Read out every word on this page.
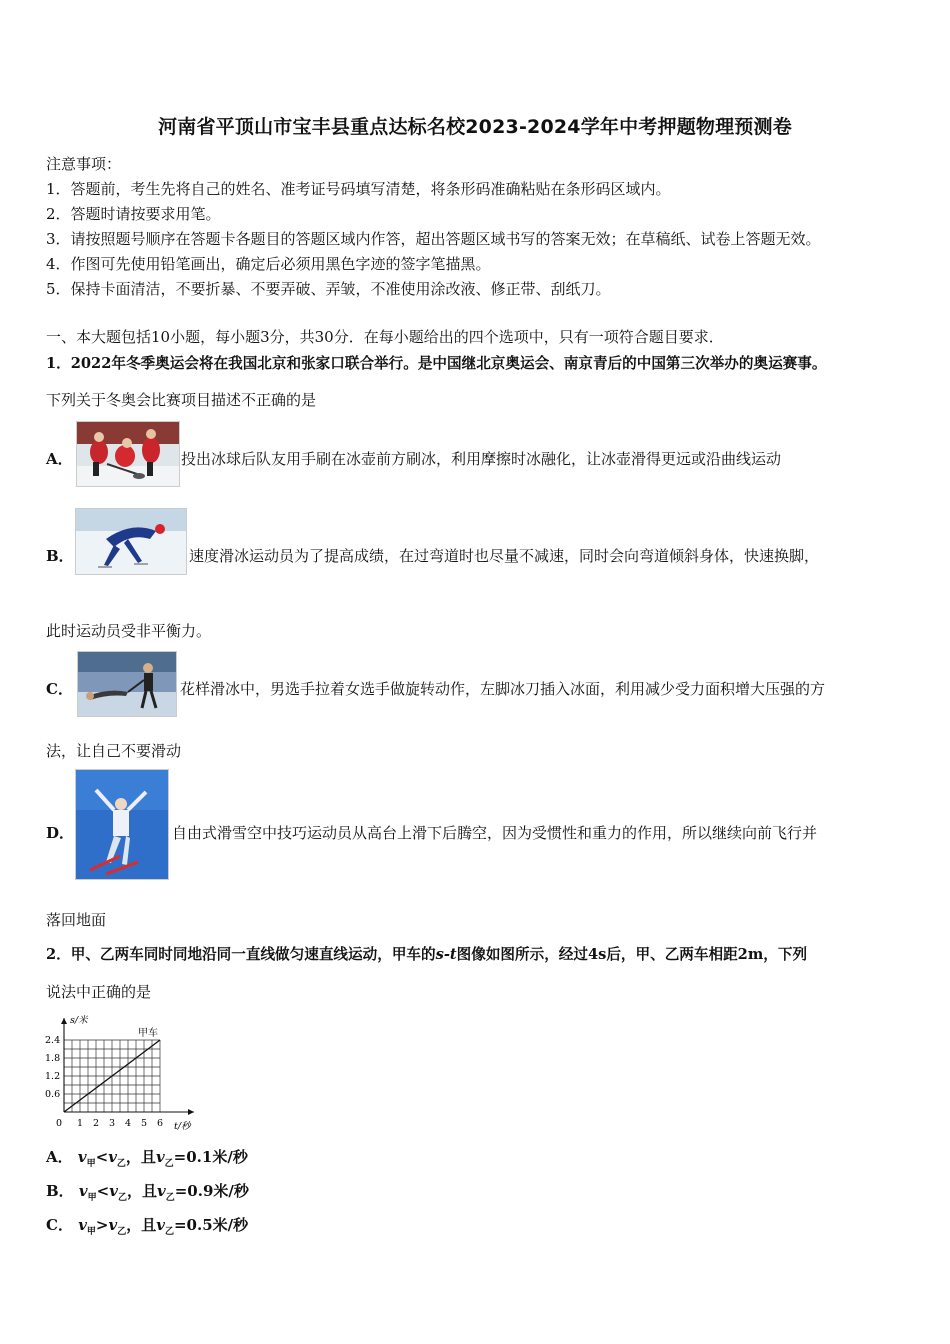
河南省平顶山市宝丰县重点达标名校2023-2024学年中考押题物理预测卷
注意事项：
1．答题前，考生先将自己的姓名、准考证号码填写清楚，将条形码准确粘贴在条形码区域内。
2．答题时请按要求用笔。
3．请按照题号顺序在答题卡各题目的答题区域内作答，超出答题区域书写的答案无效；在草稿纸、试卷上答题无效。
4．作图可先使用铅笔画出，确定后必须用黑色字迹的签字笔描黑。
5．保持卡面清洁，不要折暴、不要弄破、弄皱，不准使用涂改液、修正带、刮纸刀。
一、本大题包括10小题，每小题3分，共30分．在每小题给出的四个选项中，只有一项符合题目要求．
1．2022年冬季奥运会将在我国北京和张家口联合举行。是中国继北京奥运会、南京青后的中国第三次举办的奥运赛事。
下列关于冬奥会比赛项目描述不正确的是
A．	投出冰球后队友用手刷在冰壶前方刷冰，利用摩擦时冰融化，让冰壶滑得更远或沿曲线运动
B．	速度滑冰运动员为了提高成绩，在过弯道时也尽量不减速，同时会向弯道倾斜身体，快速换脚，
此时运动员受非平衡力。
C．	花样滑冰中，男选手拉着女选手做旋转动作，左脚冰刀插入冰面，利用减少受力面积增大压强的方
法，让自己不要滑动
D．	自由式滑雪空中技巧运动员从高台上滑下后腾空，因为受惯性和重力的作用，所以继续向前飞行并
落回地面
2．甲、乙两车同时同地沿同一直线做匀速直线运动，甲车的s-t图像如图所示，经过4s后，甲、乙两车相距2m，下列
说法中正确的是
s/米
t/秒
0
甲车
1 2 3 4 5 6
0.6
1.2
1.8
2.4
A． $v_甲<v_乙$，且$v_乙=0.1$米/秒
B． $v_甲<v_乙$，且$v_乙=0.9$米/秒
C． $v_甲>v_乙$，且$v_乙=0.5$米/秒
